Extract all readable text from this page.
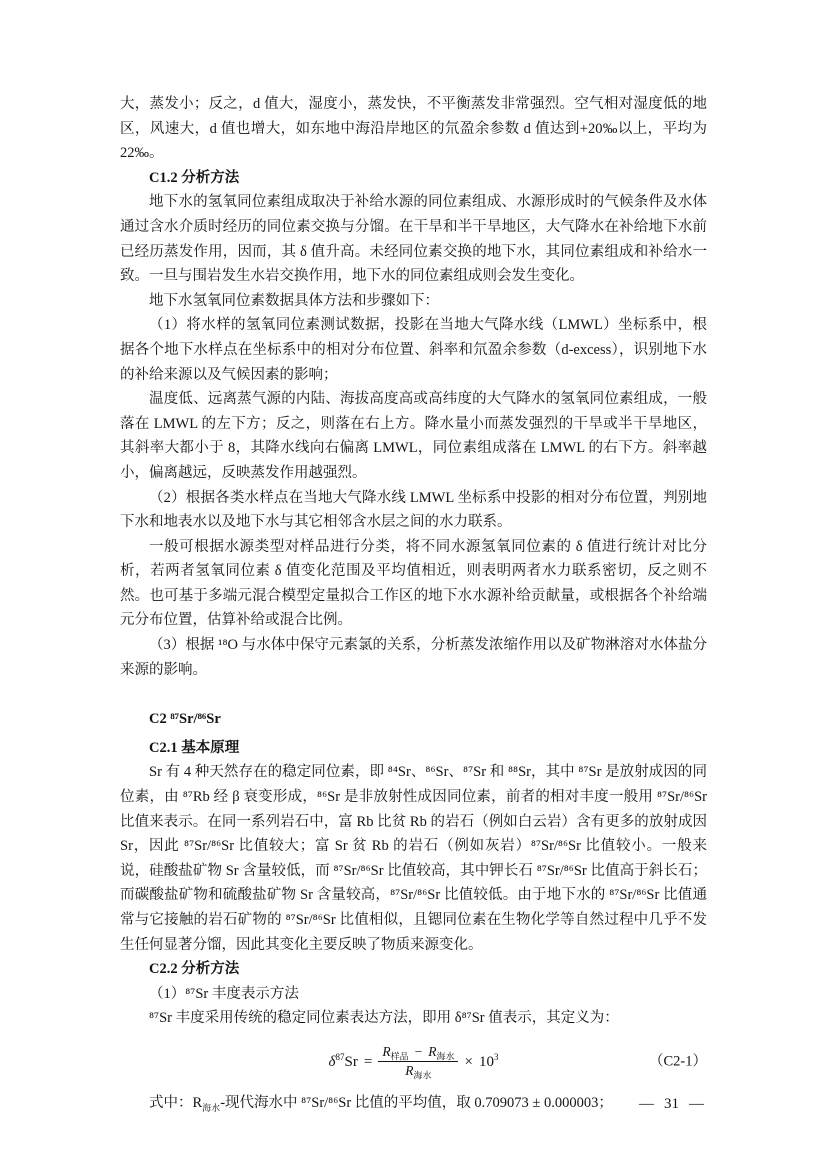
大，蒸发小；反之，d 值大，湿度小，蒸发快，不平衡蒸发非常强烈。空气相对湿度低的地区，风速大，d 值也增大，如东地中海沿岸地区的氘盈余参数 d 值达到+20‰以上，平均为 22‰。

C1.2 分析方法

地下水的氢氧同位素组成取决于补给水源的同位素组成、水源形成时的气候条件及水体通过含水介质时经历的同位素交换与分馏。在干旱和半干旱地区，大气降水在补给地下水前已经历蒸发作用，因而，其 δ 值升高。未经同位素交换的地下水，其同位素组成和补给水一致。一旦与围岩发生水岩交换作用，地下水的同位素组成则会发生变化。

地下水氢氧同位素数据具体方法和步骤如下：

（1）将水样的氢氧同位素测试数据，投影在当地大气降水线（LMWL）坐标系中，根据各个地下水样点在坐标系中的相对分布位置、斜率和氘盈余参数（d-excess），识别地下水的补给来源以及气候因素的影响；

温度低、远离蒸气源的内陆、海拔高度高或高纬度的大气降水的氢氧同位素组成，一般落在 LMWL 的左下方；反之，则落在右上方。降水量小而蒸发强烈的干旱或半干旱地区，其斜率大都小于 8，其降水线向右偏离 LMWL，同位素组成落在 LMWL 的右下方。斜率越小，偏离越远，反映蒸发作用越强烈。

（2）根据各类水样点在当地大气降水线 LMWL 坐标系中投影的相对分布位置，判别地下水和地表水以及地下水与其它相邻含水层之间的水力联系。

一般可根据水源类型对样品进行分类，将不同水源氢氧同位素的 δ 值进行统计对比分析，若两者氢氧同位素 δ 值变化范围及平均值相近，则表明两者水力联系密切，反之则不然。也可基于多端元混合模型定量拟合工作区的地下水水源补给贡献量，或根据各个补给端元分布位置，估算补给或混合比例。

（3）根据 ¹⁸O 与水体中保守元素氯的关系，分析蒸发浓缩作用以及矿物淋溶对水体盐分来源的影响。

C2 ⁸⁷Sr/⁸⁶Sr
C2.1 基本原理

Sr 有 4 种天然存在的稳定同位素，即 ⁸⁴Sr、⁸⁶Sr、⁸⁷Sr 和 ⁸⁸Sr，其中 ⁸⁷Sr 是放射成因的同位素，由 ⁸⁷Rb 经 β 衰变形成，⁸⁶Sr 是非放射性成因同位素，前者的相对丰度一般用 ⁸⁷Sr/⁸⁶Sr 比值来表示。在同一系列岩石中，富 Rb 比贫 Rb 的岩石（例如白云岩）含有更多的放射成因 Sr，因此 ⁸⁷Sr/⁸⁶Sr 比值较大；富 Sr 贫 Rb 的岩石（例如灰岩）⁸⁷Sr/⁸⁶Sr 比值较小。一般来说，硅酸盐矿物 Sr 含量较低，而 ⁸⁷Sr/⁸⁶Sr 比值较高，其中钾长石 ⁸⁷Sr/⁸⁶Sr 比值高于斜长石；而碳酸盐矿物和硫酸盐矿物 Sr 含量较高，⁸⁷Sr/⁸⁶Sr 比值较低。由于地下水的 ⁸⁷Sr/⁸⁶Sr 比值通常与它接触的岩石矿物的 ⁸⁷Sr/⁸⁶Sr 比值相似，且锶同位素在生物化学等自然过程中几乎不发生任何显著分馏，因此其变化主要反映了物质来源变化。

C2.2 分析方法

（1）⁸⁷Sr 丰度表示方法

⁸⁷Sr 丰度采用传统的稳定同位素表达方法，即用 δ⁸⁷Sr 值表示，其定义为：

$\delta^{87}Sr = \frac{R_{样品} - R_{海水}}{R_{海水}} \times 10^3$	（C2-1）

式中：$R_{海水}-$现代海水中 ⁸⁷Sr/⁸⁶Sr 比值的平均值，取 0.709073 ± 0.000003；	— 31 —
